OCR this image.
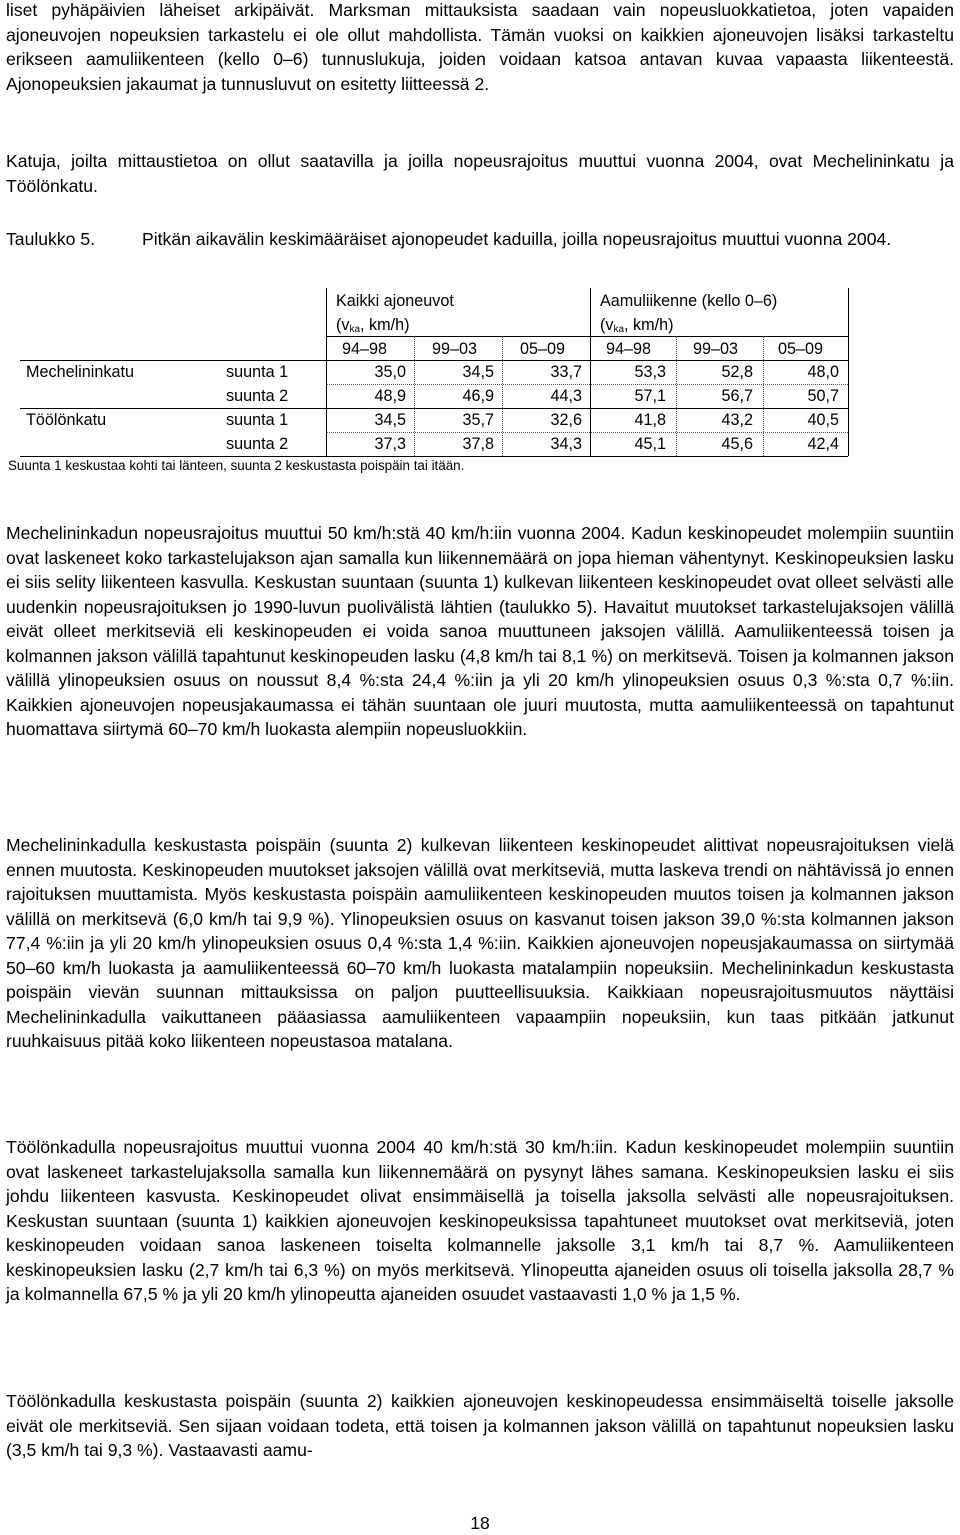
liset pyhäpäivien läheiset arkipäivät. Marksman mittauksista saadaan vain nopeusluokkatietoa, joten vapaiden ajoneuvojen nopeuksien tarkastelu ei ole ollut mahdollista. Tämän vuoksi on kaikkien ajoneuvojen lisäksi tarkasteltu erikseen aamuliikenteen (kello 0–6) tunnuslukuja, joiden voidaan katsoa antavan kuvaa vapaasta liikenteestä. Ajonopeuksien jakaumat ja tunnusluvut on esitetty liitteessä 2.

Katuja, joilta mittaustietoa on ollut saatavilla ja joilla nopeusrajoitus muuttui vuonna 2004, ovat Mechelininkatu ja Töölönkatu.

Taulukko 5.	Pitkän aikavälin keskimääräiset ajonopeudet kaduilla, joilla nopeusrajoitus muuttui vuonna 2004.
Kaikki ajoneuvot
($v_{ka}$, km/h)
Aamuliikenne (kello 0–6)
($v_{ka}$, km/h)
94–98	99–03	05–09	94–98	99–03 05–09
Mechelininkatu	suunta 1	35,0	34,5	33,7	53,3	52,8	48,0
suunta 2	48,9	46,9	44,3	57,1	56,7	50,7
Töölönkatu	suunta 1	34,5	35,7	32,6	41,8	43,2	40,5
suunta 2	37,3	37,8	34,3	45,1	45,6	42,4
Suunta 1 keskustaa kohti tai länteen, suunta 2 keskustasta poispäin tai itään.

Mechelininkadun nopeusrajoitus muuttui 50 km/h:stä 40 km/h:iin vuonna 2004. Kadun keskinopeudet molempiin suuntiin ovat laskeneet koko tarkastelujakson ajan samalla kun liikennemäärä on jopa hieman vähentynyt. Keskinopeuksien lasku ei siis selity liikenteen kasvulla. Keskustan suuntaan (suunta 1) kulkevan liikenteen keskinopeudet ovat olleet selvästi alle uudenkin nopeusrajoituksen jo 1990-luvun puolivälistä lähtien (taulukko 5). Havaitut muutokset tarkastelujaksojen välillä eivät olleet merkitseviä eli keskinopeuden ei voida sanoa muuttuneen jaksojen välillä. Aamuliikenteessä toisen ja kolmannen jakson välillä tapahtunut keskinopeuden lasku (4,8 km/h tai 8,1 %) on merkitsevä. Toisen ja kolmannen jakson välillä ylinopeuksien osuus on noussut 8,4 %:sta 24,4 %:iin ja yli 20 km/h ylinopeuksien osuus 0,3 %:sta 0,7 %:iin. Kaikkien ajoneuvojen nopeusjakaumassa ei tähän suuntaan ole juuri muutosta, mutta aamuliikenteessä on tapahtunut huomattava siirtymä 60–70 km/h luokasta alempiin nopeusluokkiin.

Mechelininkadulla keskustasta poispäin (suunta 2) kulkevan liikenteen keskinopeudet alittivat nopeusrajoituksen vielä ennen muutosta. Keskinopeuden muutokset jaksojen välillä ovat merkitseviä, mutta laskeva trendi on nähtävissä jo ennen rajoituksen muuttamista. Myös keskustasta poispäin aamuliikenteen keskinopeuden muutos toisen ja kolmannen jakson välillä on merkitsevä (6,0 km/h tai 9,9 %). Ylinopeuksien osuus on kasvanut toisen jakson 39,0 %:sta kolmannen jakson 77,4 %:iin ja yli 20 km/h ylinopeuksien osuus 0,4 %:sta 1,4 %:iin. Kaikkien ajoneuvojen nopeusjakaumassa on siirtymää 50–60 km/h luokasta ja aamuliikenteessä 60–70 km/h luokasta matalampiin nopeuksiin. Mechelininkadun keskustasta poispäin vievän suunnan mittauksissa on paljon puutteellisuuksia. Kaikkiaan nopeusrajoitusmuutos näyttäisi Mechelininkadulla vaikuttaneen pääasiassa aamuliikenteen vapaampiin nopeuksiin, kun taas pitkään jatkunut ruuhkaisuus pitää koko liikenteen nopeustasoa matalana.

Töölönkadulla nopeusrajoitus muuttui vuonna 2004 40 km/h:stä 30 km/h:iin. Kadun keskinopeudet molempiin suuntiin ovat laskeneet tarkastelujaksolla samalla kun liikennemäärä on pysynyt lähes samana. Keskinopeuksien lasku ei siis johdu liikenteen kasvusta. Keskinopeudet olivat ensimmäisellä ja toisella jaksolla selvästi alle nopeusrajoituksen. Keskustan suuntaan (suunta 1) kaikkien ajoneuvojen keskinopeuksissa tapahtuneet muutokset ovat merkitseviä, joten keskinopeuden voidaan sanoa laskeneen toiselta kolmannelle jaksolle 3,1 km/h tai 8,7 %. Aamuliikenteen keskinopeuksien lasku (2,7 km/h tai 6,3 %) on myös merkitsevä. Ylinopeutta ajaneiden osuus oli toisella jaksolla 28,7 % ja kolmannella 67,5 % ja yli 20 km/h ylinopeutta ajaneiden osuudet vastaavasti 1,0 % ja 1,5 %.

Töölönkadulla keskustasta poispäin (suunta 2) kaikkien ajoneuvojen keskinopeudessa ensimmäiseltä toiselle jaksolle eivät ole merkitseviä. Sen sijaan voidaan todeta, että toisen ja kolmannen jakson välillä on tapahtunut nopeuksien lasku (3,5 km/h tai 9,3 %). Vastaavasti aamu-

18
